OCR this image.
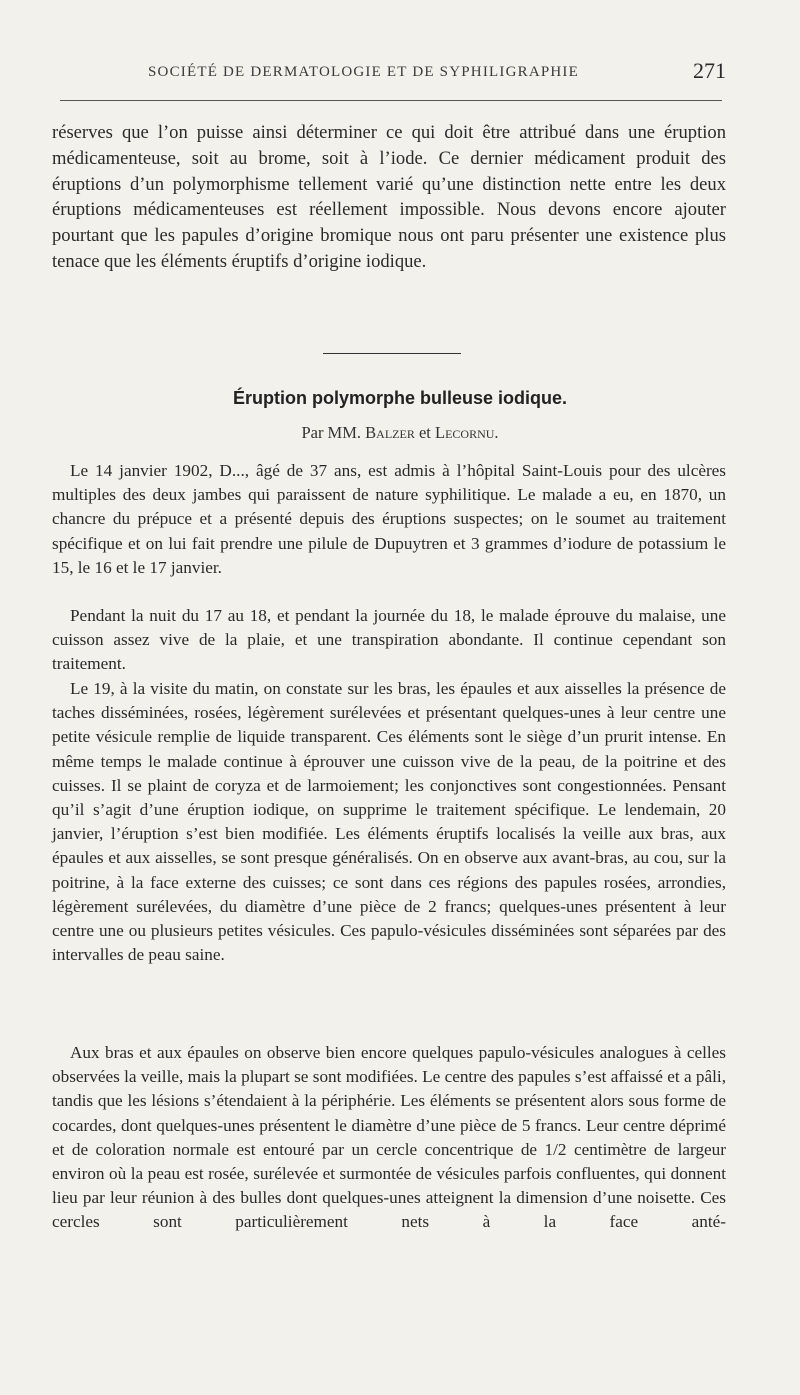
SOCIÉTÉ DE DERMATOLOGIE ET DE SYPHILIGRAPHIE	271

réserves que l’on puisse ainsi déterminer ce qui doit être attribué dans une éruption médicamenteuse, soit au brome, soit à l’iode. Ce dernier médicament produit des éruptions d’un polymorphisme tellement varié qu’une distinction nette entre les deux éruptions médicamenteuses est réellement impossible. Nous devons encore ajouter pourtant que les papules d’origine bromique nous ont paru présenter une existence plus tenace que les éléments éruptifs d’origine iodique.

Éruption polymorphe bulleuse iodique.
Par MM. Balzer et Lecornu.

Le 14 janvier 1902, D..., âgé de 37 ans, est admis à l’hôpital Saint-Louis pour des ulcères multiples des deux jambes qui paraissent de nature syphilitique. Le malade a eu, en 1870, un chancre du prépuce et a présenté depuis des éruptions suspectes; on le soumet au traitement spécifique et on lui fait prendre une pilule de Dupuytren et 3 grammes d’iodure de potassium le 15, le 16 et le 17 janvier.

Pendant la nuit du 17 au 18, et pendant la journée du 18, le malade éprouve du malaise, une cuisson assez vive de la plaie, et une transpiration abondante. Il continue cependant son traitement.

Le 19, à la visite du matin, on constate sur les bras, les épaules et aux aisselles la présence de taches disséminées, rosées, légèrement surélevées et présentant quelques-unes à leur centre une petite vésicule remplie de liquide transparent. Ces éléments sont le siège d’un prurit intense. En même temps le malade continue à éprouver une cuisson vive de la peau, de la poitrine et des cuisses. Il se plaint de coryza et de larmoiement; les conjonctives sont congestionnées. Pensant qu’il s’agit d’une éruption iodique, on supprime le traitement spécifique. Le lendemain, 20 janvier, l’éruption s’est bien modifiée. Les éléments éruptifs localisés la veille aux bras, aux épaules et aux aisselles, se sont presque généralisés. On en observe aux avant-bras, au cou, sur la poitrine, à la face externe des cuisses; ce sont dans ces régions des papules rosées, arrondies, légèrement surélevées, du diamètre d’une pièce de 2 francs; quelques-unes présentent à leur centre une ou plusieurs petites vésicules. Ces papulo-vésicules disséminées sont séparées par des intervalles de peau saine.

Aux bras et aux épaules on observe bien encore quelques papulo-vésicules analogues à celles observées la veille, mais la plupart se sont modifiées. Le centre des papules s’est affaissé et a pâli, tandis que les lésions s’étendaient à la périphérie. Les éléments se présentent alors sous forme de cocardes, dont quelques-unes présentent le diamètre d’une pièce de 5 francs. Leur centre déprimé et de coloration normale est entouré par un cercle concentrique de 1/2 centimètre de largeur environ où la peau est rosée, surélevée et surmontée de vésicules parfois confluentes, qui donnent lieu par leur réunion à des bulles dont quelques-unes atteignent la dimension d’une noisette. Ces cercles sont particulièrement nets à la face anté-
